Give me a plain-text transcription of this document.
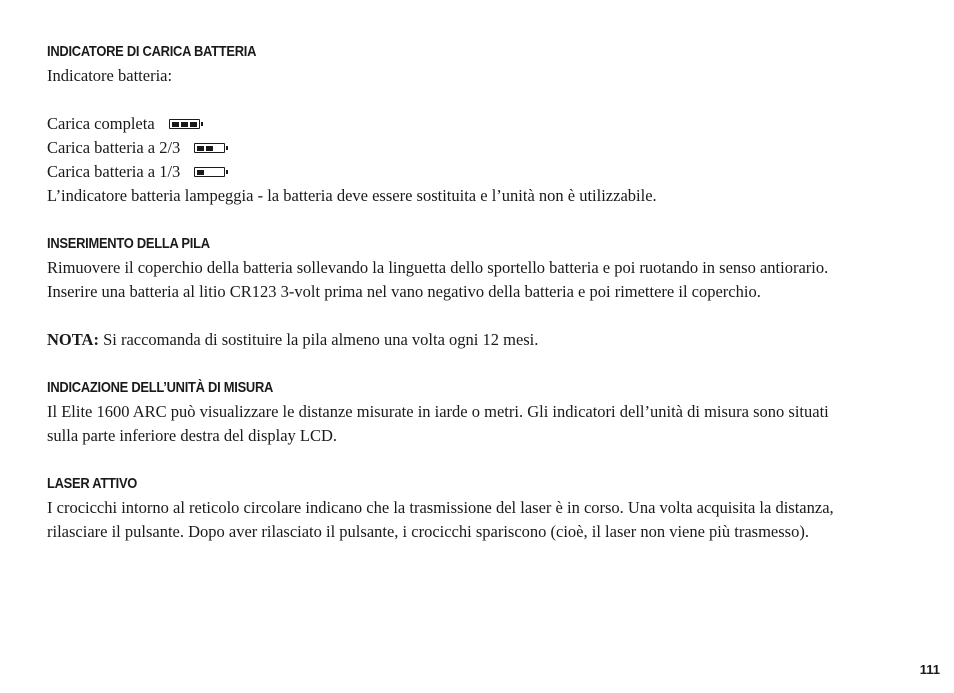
INDICATORE DI CARICA BATTERIA

Indicatore batteria:

Carica completa
Carica batteria a 2/3
Carica batteria a 1/3

L’indicatore batteria lampeggia - la batteria deve essere sostituita e l’unità non è utilizzabile.

INSERIMENTO DELLA PILA

Rimuovere il coperchio della batteria sollevando la linguetta dello sportello batteria e poi ruotando in senso antiorario.

Inserire una batteria al litio CR123 3-volt prima nel vano negativo della batteria e poi rimettere il coperchio.

NOTA: Si raccomanda di sostituire la pila almeno una volta ogni 12 mesi.

INDICAZIONE DELL’UNITÀ DI MISURA

Il Elite 1600 ARC può visualizzare le distanze misurate in iarde o metri. Gli indicatori dell’unità di misura sono situati

sulla parte inferiore destra del display LCD.

LASER ATTIVO

I crocicchi intorno al reticolo circolare indicano che la trasmissione del laser è in corso. Una volta acquisita la distanza,

rilasciare il pulsante. Dopo aver rilasciato il pulsante, i crocicchi spariscono (cioè, il laser non viene più trasmesso).

111
